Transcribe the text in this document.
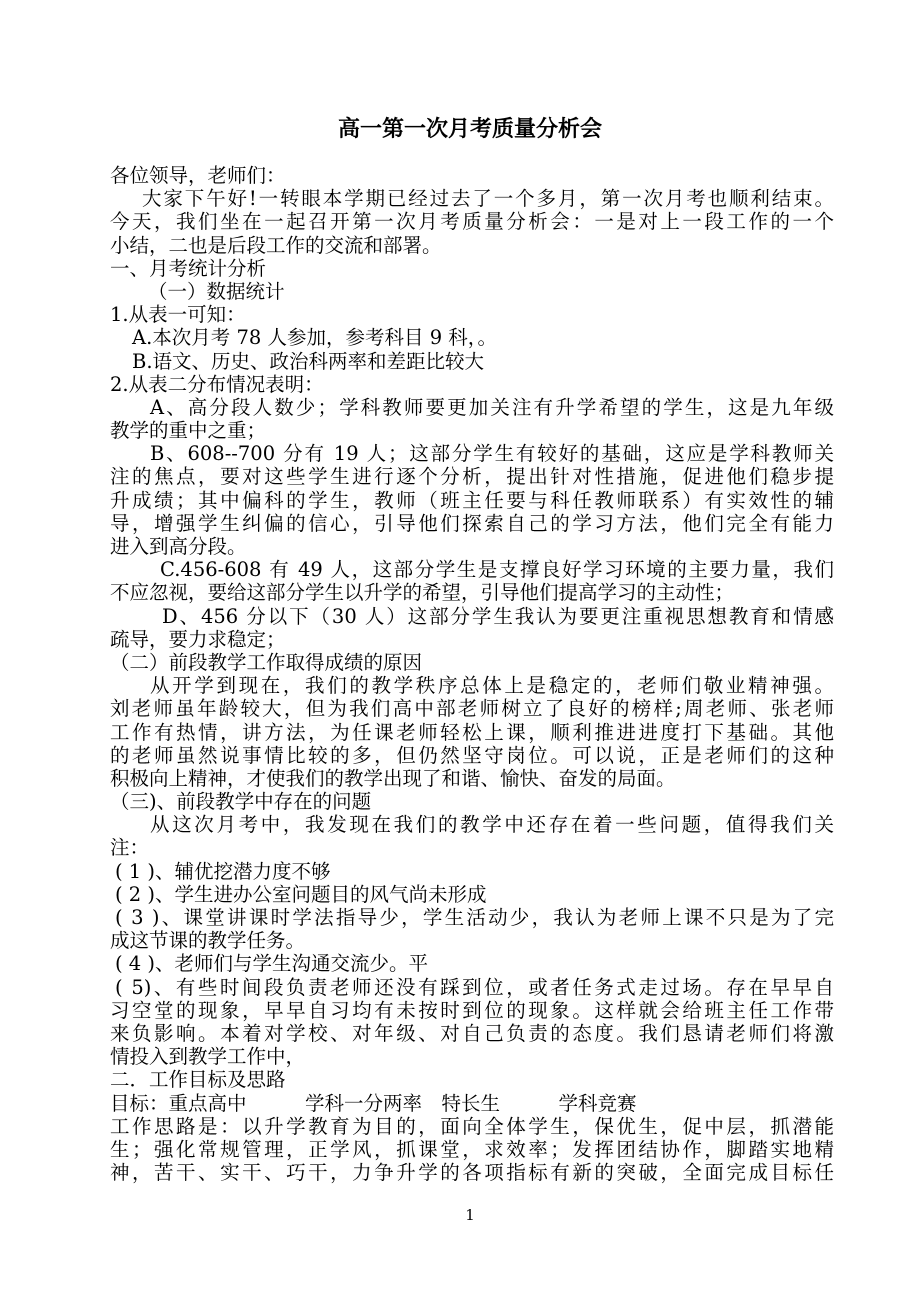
高一第一次月考质量分析会
各位领导，老师们：
大家下午好!一转眼本学期已经过去了一个多月，第一次月考也顺利结束。
今天，我们坐在一起召开第一次月考质量分析会：一是对上一段工作的一个
小结，二也是后段工作的交流和部署。
一、月考统计分析
（一）数据统计
1.从表一可知：
A.本次月考 78 人参加，参考科目 9 科，。
B.语文、历史、政治科两率和差距比较大
2.从表二分布情况表明：
A、高分段人数少；学科教师要更加关注有升学希望的学生，这是九年级
教学的重中之重；
B、608--700 分有 19 人；这部分学生有较好的基础，这应是学科教师关
注的焦点，要对这些学生进行逐个分析，提出针对性措施，促进他们稳步提
升成绩；其中偏科的学生，教师（班主任要与科任教师联系）有实效性的辅
导，增强学生纠偏的信心，引导他们探索自己的学习方法，他们完全有能力
进入到高分段。
C.456-608 有 49 人，这部分学生是支撑良好学习环境的主要力量，我们
不应忽视，要给这部分学生以升学的希望，引导他们提高学习的主动性；
D、456 分以下（30 人）这部分学生我认为要更注重视思想教育和情感
疏导，要力求稳定；
（二）前段教学工作取得成绩的原因
从开学到现在，我们的教学秩序总体上是稳定的，老师们敬业精神强。
刘老师虽年龄较大，但为我们高中部老师树立了良好的榜样;周老师、张老师
工作有热情，讲方法，为任课老师轻松上课，顺利推进进度打下基础。其他
的老师虽然说事情比较的多，但仍然坚守岗位。可以说，正是老师们的这种
积极向上精神，才使我们的教学出现了和谐、愉快、奋发的局面。
（三)、前段教学中存在的问题
从这次月考中，我发现在我们的教学中还存在着一些问题，值得我们关
注：
( 1 )、辅优挖潜力度不够
( 2 )、学生进办公室问题目的风气尚未形成
( 3 )、课堂讲课时学法指导少，学生活动少，我认为老师上课不只是为了完
成这节课的教学任务。
( 4 )、老师们与学生沟通交流少。平
( 5)、有些时间段负责老师还没有踩到位，或者任务式走过场。存在早早自
习空堂的现象，早早自习均有未按时到位的现象。这样就会给班主任工作带
来负影响。本着对学校、对年级、对自己负责的态度。我们恳请老师们将激
情投入到教学工作中，
二．工作目标及思路
目标：重点高中　　　学科一分两率　特长生　　　学科竞赛
工作思路是：以升学教育为目的，面向全体学生，保优生，促中层，抓潜能
生；强化常规管理，正学风，抓课堂，求效率；发挥团结协作，脚踏实地精
神，苦干、实干、巧干，力争升学的各项指标有新的突破，全面完成目标任
1
